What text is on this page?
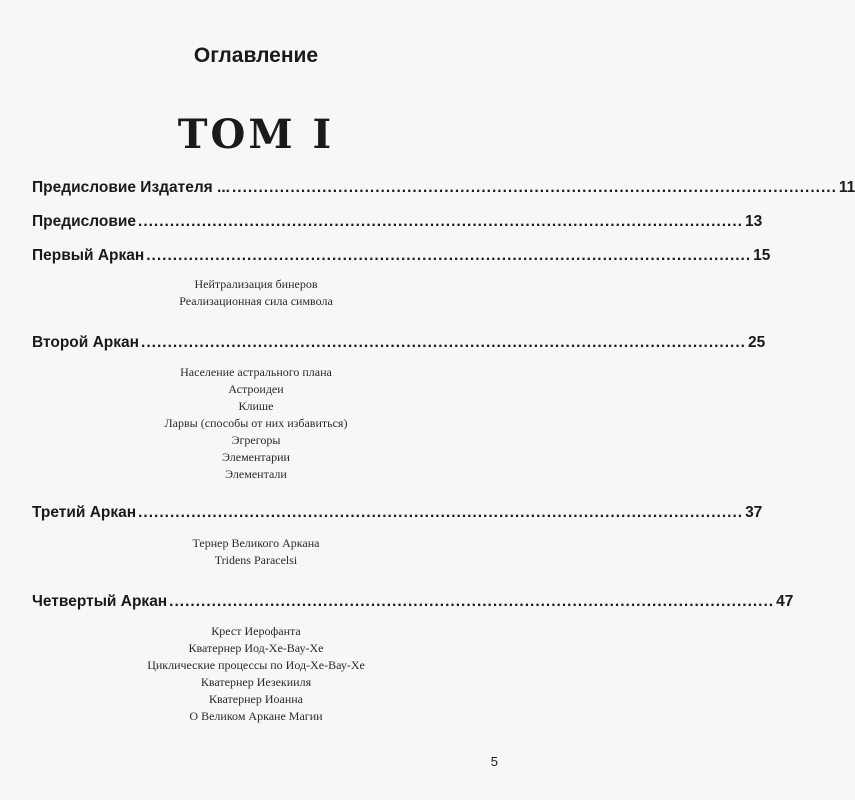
Оглавление
ТОМ I
Предисловие Издателя ... .................................................................................................................. 11
Предисловие .................................................................................................................. 13
Первый Аркан .................................................................................................................. 15
Нейтрализация бинеров
Реализационная сила символа
Второй Аркан .................................................................................................................. 25
Население астрального плана
Астроидеи
Клише
Ларвы (способы от них избавиться)
Эгрегоры
Элементарии
Элементали
Третий Аркан .................................................................................................................. 37
Тернер Великого Аркана
Tridens Paracelsi
Четвертый Аркан .................................................................................................................. 47
Крест Иерофанта
Кватернер Иод-Хе-Вау-Хе
Циклические процессы по Иод-Хе-Вау-Хе
Кватернер Иезекииля
Кватернер Иоанна
О Великом Аркане Магии
5
